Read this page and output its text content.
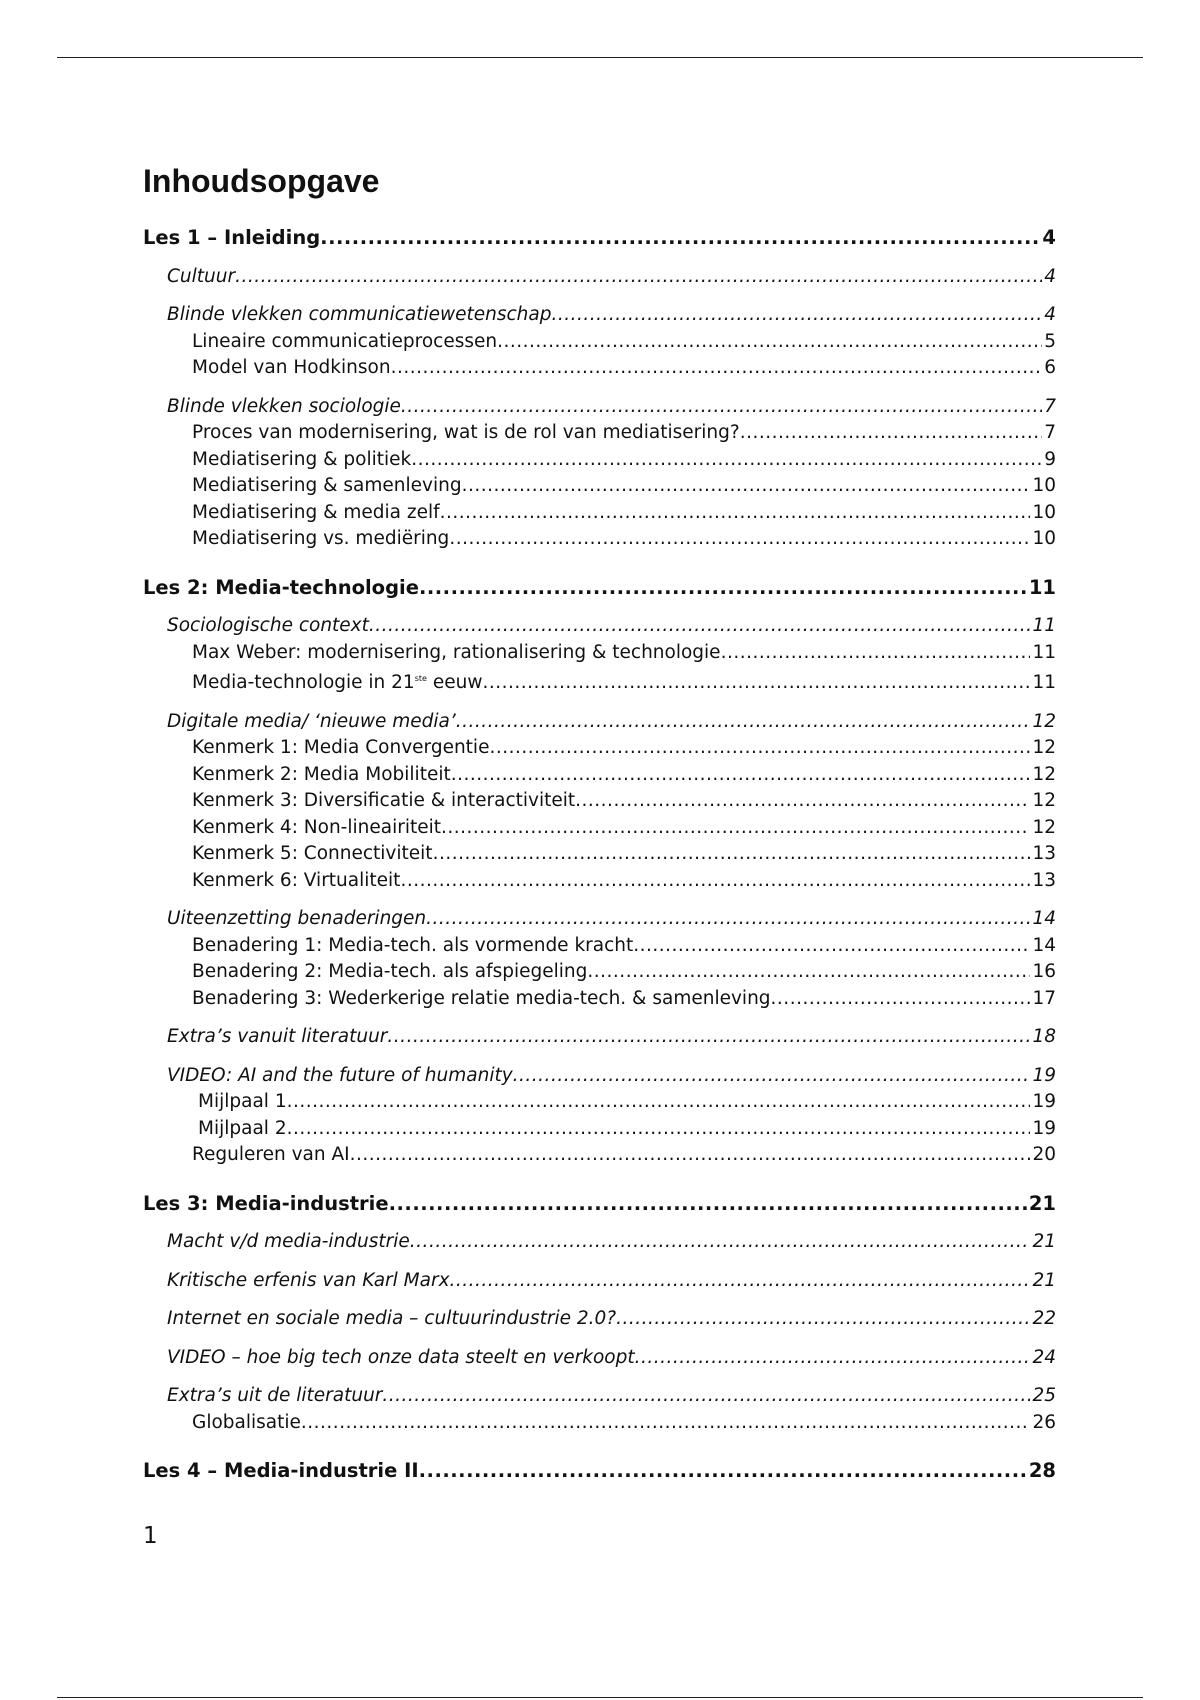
Inhoudsopgave
Les 1 – Inleiding .....	4
Cultuur .....	4
Blinde vlekken communicatiewetenschap .....	4
Lineaire communicatieprocessen .....	5
Model van Hodkinson .....	6
Blinde vlekken sociologie .....	7
Proces van modernisering, wat is de rol van mediatisering? .....	7
Mediatisering & politiek .....	9
Mediatisering & samenleving .....	10
Mediatisering & media zelf .....	10
Mediatisering vs. mediëring .....	10
Les 2: Media-technologie .....	11
Sociologische context .....	11
Max Weber: modernisering, rationalisering & technologie .....	11
Media-technologie in 21ste eeuw .....	11
Digitale media/ ‘nieuwe media’ .....	12
Kenmerk 1: Media Convergentie .....	12
Kenmerk 2: Media Mobiliteit .....	12
Kenmerk 3: Diversificatie & interactiviteit .....	12
Kenmerk 4: Non-lineairiteit .....	12
Kenmerk 5: Connectiviteit .....	13
Kenmerk 6: Virtualiteit .....	13
Uiteenzetting benaderingen .....	14
Benadering 1: Media-tech. als vormende kracht .....	14
Benadering 2: Media-tech. als afspiegeling .....	16
Benadering 3: Wederkerige relatie media-tech. & samenleving .....	17
Extra’s vanuit literatuur .....	18
VIDEO: AI and the future of humanity .....	19
Mijlpaal 1 .....	19
Mijlpaal 2 .....	19
Reguleren van AI .....	20
Les 3: Media-industrie .....	21
Macht v/d media-industrie .....	21
Kritische erfenis van Karl Marx .....	21
Internet en sociale media – cultuurindustrie 2.0? .....	22
VIDEO – hoe big tech onze data steelt en verkoopt .....	24
Extra’s uit de literatuur .....	25
Globalisatie .....	26
Les 4 – Media-industrie II .....	28
1
